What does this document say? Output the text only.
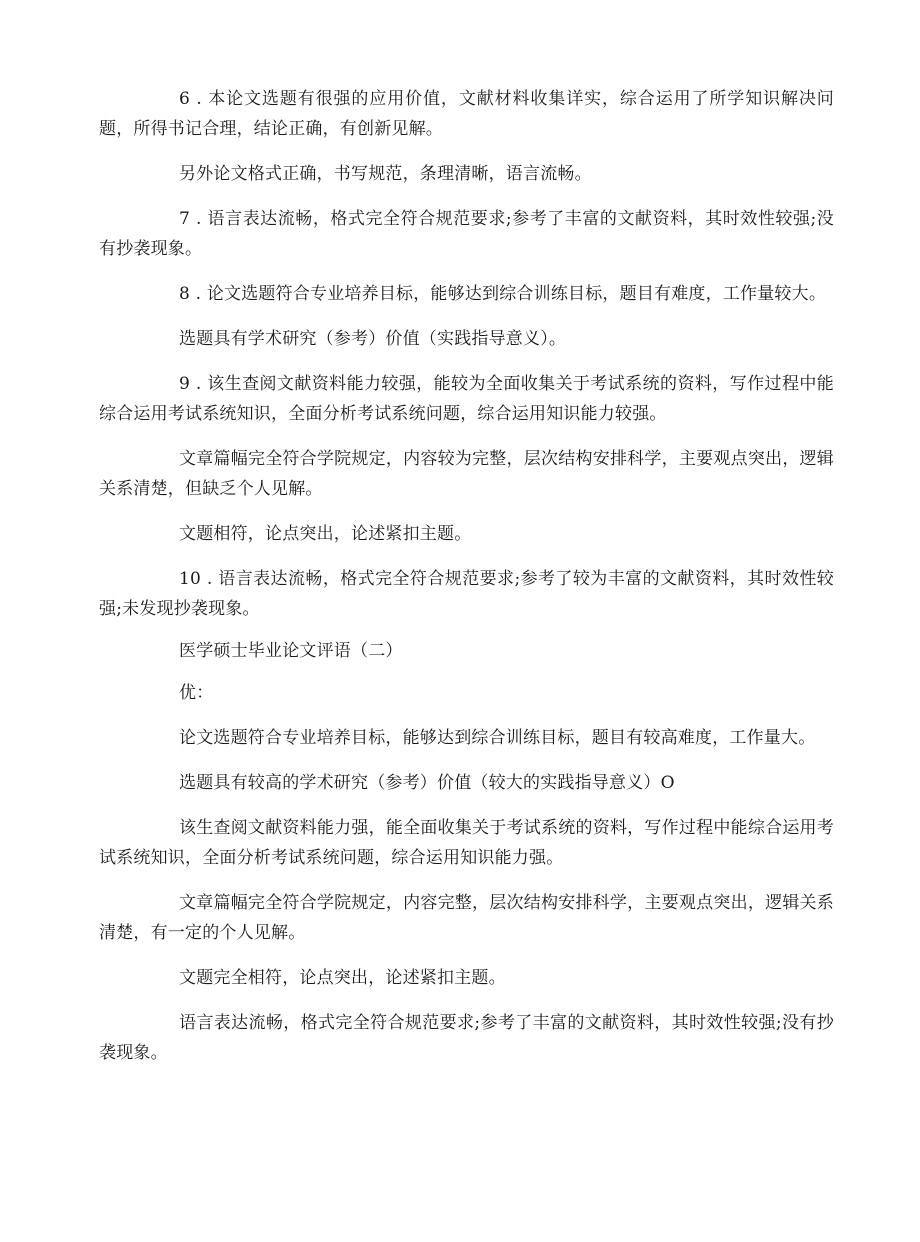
6 . 本论文选题有很强的应用价值，文献材料收集详实，综合运用了所学知识解决问题，所得书记合理，结论正确，有创新见解。

另外论文格式正确，书写规范，条理清晰，语言流畅。

7 . 语言表达流畅，格式完全符合规范要求;参考了丰富的文献资料，其时效性较强;没有抄袭现象。

8 . 论文选题符合专业培养目标，能够达到综合训练目标，题目有难度，工作量较大。

选题具有学术研究（参考）价值（实践指导意义）。

9 . 该生查阅文献资料能力较强，能较为全面收集关于考试系统的资料，写作过程中能综合运用考试系统知识，全面分析考试系统问题，综合运用知识能力较强。

文章篇幅完全符合学院规定，内容较为完整，层次结构安排科学，主要观点突出，逻辑关系清楚，但缺乏个人见解。

文题相符，论点突出，论述紧扣主题。

10 . 语言表达流畅，格式完全符合规范要求;参考了较为丰富的文献资料，其时效性较强;未发现抄袭现象。

医学硕士毕业论文评语（二）

优：

论文选题符合专业培养目标，能够达到综合训练目标，题目有较高难度，工作量大。

选题具有较高的学术研究（参考）价值（较大的实践指导意义）O

该生查阅文献资料能力强，能全面收集关于考试系统的资料，写作过程中能综合运用考试系统知识，全面分析考试系统问题，综合运用知识能力强。

文章篇幅完全符合学院规定，内容完整，层次结构安排科学，主要观点突出，逻辑关系清楚，有一定的个人见解。

文题完全相符，论点突出，论述紧扣主题。

语言表达流畅，格式完全符合规范要求;参考了丰富的文献资料，其时效性较强;没有抄袭现象。
